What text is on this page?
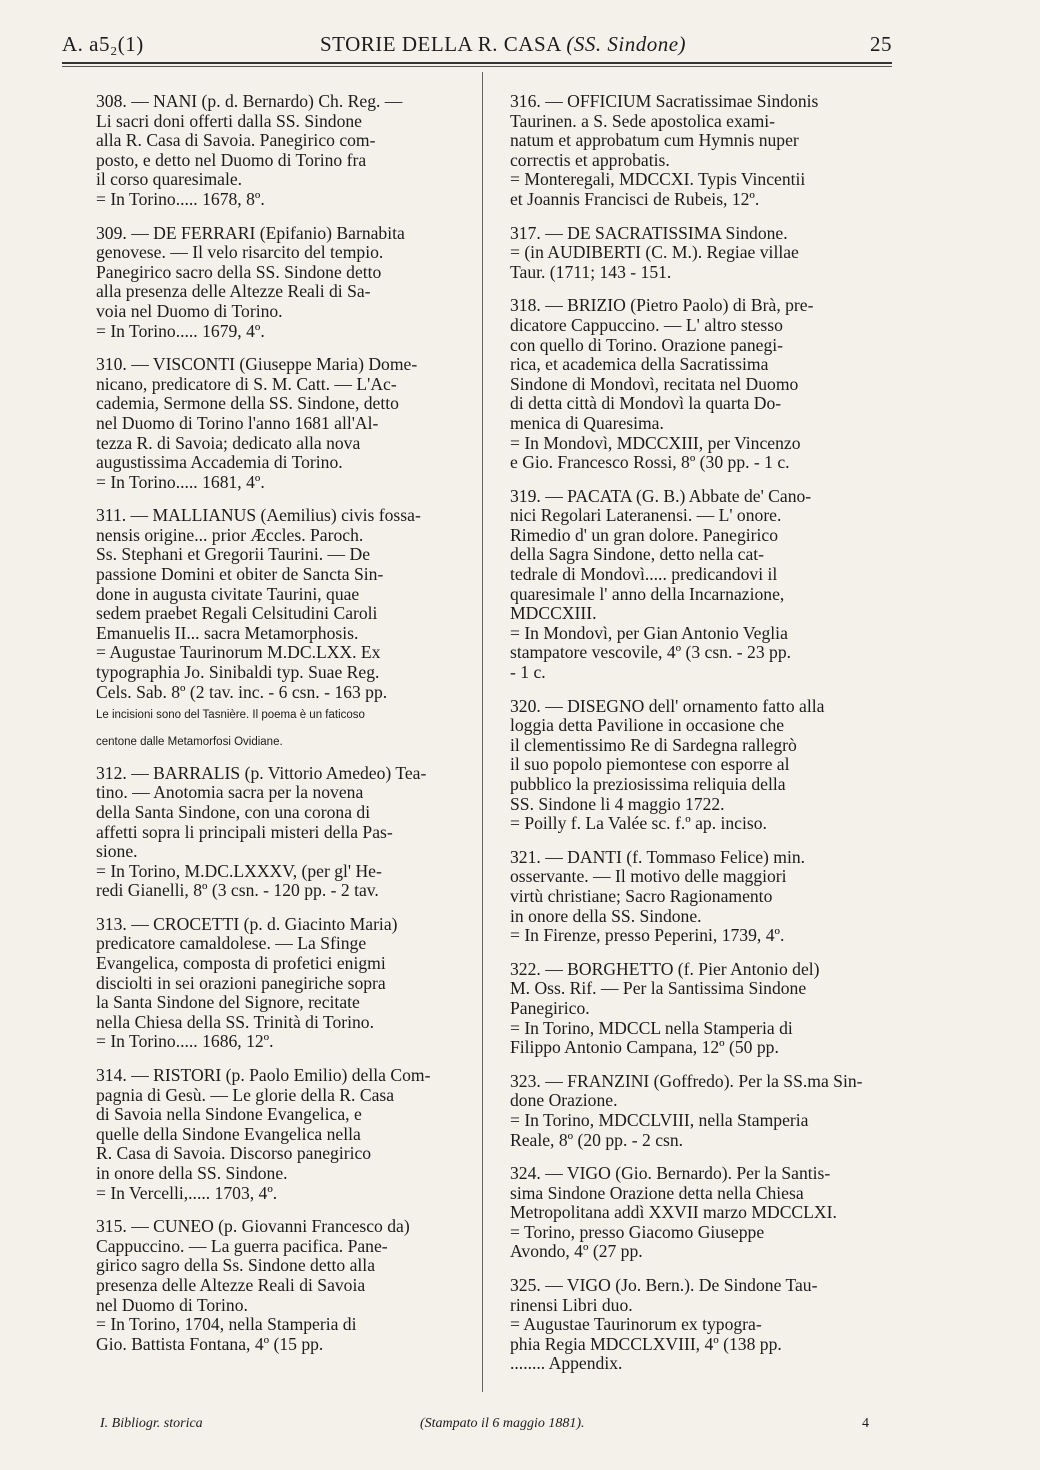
A. a5₂(1)	STORIE DELLA R. CASA (SS. Sindone)	25

308. — NANI (p. d. Bernardo) Ch. Reg. —

Li sacri doni offerti dalla SS. Sindone

alla R. Casa di Savoia. Panegirico com-

posto, e detto nel Duomo di Torino fra

il corso quaresimale.

= In Torino..... 1678, 8º.

309. — DE FERRARI (Epifanio) Barnabita

genovese. — Il velo risarcito del tempio.

Panegirico sacro della SS. Sindone detto

alla presenza delle Altezze Reali di Sa-

voia nel Duomo di Torino.

= In Torino..... 1679, 4º.

310. — VISCONTI (Giuseppe Maria) Dome-

nicano, predicatore di S. M. Catt. — L'Ac-

cademia, Sermone della SS. Sindone, detto

nel Duomo di Torino l'anno 1681 all'Al-

tezza R. di Savoia; dedicato alla nova

augustissima Accademia di Torino.

= In Torino..... 1681, 4º.

311. — MALLIANUS (Aemilius) civis fossa-

nensis origine... prior Æccles. Paroch.

Ss. Stephani et Gregorii Taurini. — De

passione Domini et obiter de Sancta Sin-

done in augusta civitate Taurini, quae

sedem praebet Regali Celsitudini Caroli

Emanuelis II... sacra Metamorphosis.

= Augustae Taurinorum M.DC.LXX. Ex

typographia Jo. Sinibaldi typ. Suae Reg.

Cels. Sab. 8º (2 tav. inc. - 6 csn. - 163 pp.

Le incisioni sono del Tasnière. Il poema è un faticoso

centone dalle Metamorfosi Ovidiane.

312. — BARRALIS (p. Vittorio Amedeo) Tea-

tino. — Anotomia sacra per la novena

della Santa Sindone, con una corona di

affetti sopra li principali misteri della Pas-

sione.

= In Torino, M.DC.LXXXV, (per gl' He-

redi Gianelli, 8º (3 csn. - 120 pp. - 2 tav.

313. — CROCETTI (p. d. Giacinto Maria)

predicatore camaldolese. — La Sfinge

Evangelica, composta di profetici enigmi

disciolti in sei orazioni panegiriche sopra

la Santa Sindone del Signore, recitate

nella Chiesa della SS. Trinità di Torino.

= In Torino..... 1686, 12º.

314. — RISTORI (p. Paolo Emilio) della Com-

pagnia di Gesù. — Le glorie della R. Casa

di Savoia nella Sindone Evangelica, e

quelle della Sindone Evangelica nella

R. Casa di Savoia. Discorso panegirico

in onore della SS. Sindone.

= In Vercelli,..... 1703, 4º.

315. — CUNEO (p. Giovanni Francesco da)

Cappuccino. — La guerra pacifica. Pane-

girico sagro della Ss. Sindone detto alla

presenza delle Altezze Reali di Savoia

nel Duomo di Torino.

= In Torino, 1704, nella Stamperia di

Gio. Battista Fontana, 4º (15 pp.

316. — OFFICIUM Sacratissimae Sindonis

Taurinen. a S. Sede apostolica exami-

natum et approbatum cum Hymnis nuper

correctis et approbatis.

= Monteregali, MDCCXI. Typis Vincentii

et Joannis Francisci de Rubeis, 12º.

317. — DE SACRATISSIMA Sindone.

= (in AUDIBERTI (C. M.). Regiae villae

Taur. (1711; 143 - 151.

318. — BRIZIO (Pietro Paolo) di Brà, pre-

dicatore Cappuccino. — L' altro stesso

con quello di Torino. Orazione panegi-

rica, et academica della Sacratissima

Sindone di Mondovì, recitata nel Duomo

di detta città di Mondovì la quarta Do-

menica di Quaresima.

= In Mondovì, MDCCXIII, per Vincenzo

e Gio. Francesco Rossi, 8º (30 pp. - 1 c.

319. — PACATA (G. B.) Abbate de' Cano-

nici Regolari Lateranensi. — L' onore.

Rimedio d' un gran dolore. Panegirico

della Sagra Sindone, detto nella cat-

tedrale di Mondovì..... predicandovi il

quaresimale l' anno della Incarnazione,

MDCCXIII.

= In Mondovì, per Gian Antonio Veglia

stampatore vescovile, 4º (3 csn. - 23 pp.

- 1 c.

320. — DISEGNO dell' ornamento fatto alla

loggia detta Pavilione in occasione che

il clementissimo Re di Sardegna rallegrò

il suo popolo piemontese con esporre al

pubblico la preziosissima reliquia della

SS. Sindone li 4 maggio 1722.

= Poilly f. La Valée sc. f.º ap. inciso.

321. — DANTI (f. Tommaso Felice) min.

osservante. — Il motivo delle maggiori

virtù christiane; Sacro Ragionamento

in onore della SS. Sindone.

= In Firenze, presso Peperini, 1739, 4º.

322. — BORGHETTO (f. Pier Antonio del)

M. Oss. Rif. — Per la Santissima Sindone

Panegirico.

= In Torino, MDCCL nella Stamperia di

Filippo Antonio Campana, 12º (50 pp.

323. — FRANZINI (Goffredo). Per la SS.ma Sin-

done Orazione.

= In Torino, MDCCLVIII, nella Stamperia

Reale, 8º (20 pp. - 2 csn.

324. — VIGO (Gio. Bernardo). Per la Santis-

sima Sindone Orazione detta nella Chiesa

Metropolitana addì XXVII marzo MDCCLXI.

= Torino, presso Giacomo Giuseppe

Avondo, 4º (27 pp.

325. — VIGO (Jo. Bern.). De Sindone Tau-

rinensi Libri duo.

= Augustae Taurinorum ex typogra-

phia Regia MDCCLXVIII, 4º (138 pp.

........ Appendix.

I. Bibliogr. storica	(Stampato il 6 maggio 1881).	4
